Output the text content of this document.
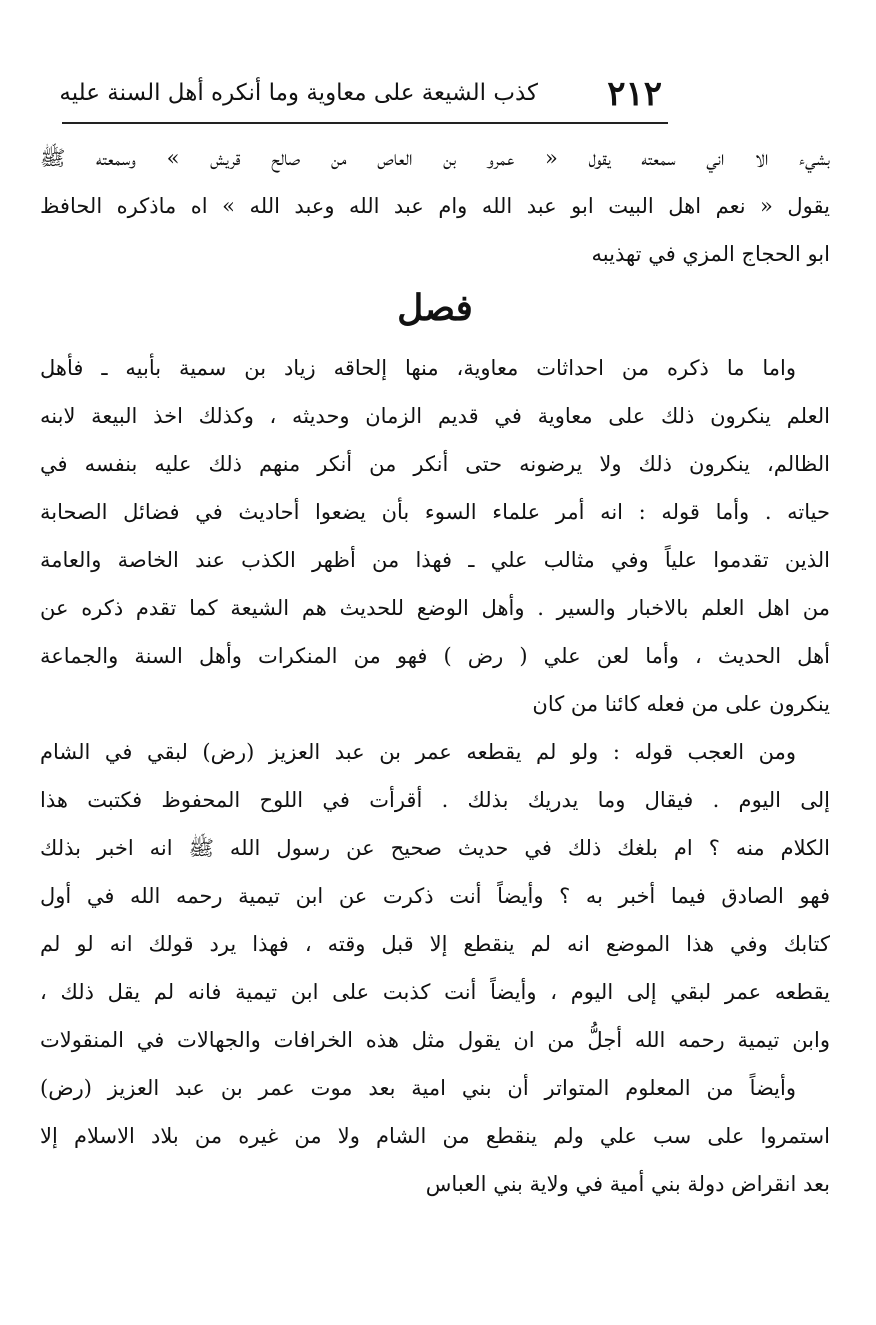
٢١٢
كذب الشيعة على معاوية وما أنكره أهل السنة عليه
بشيء الا اني سمعته يقول « عمرو بن العاص من صالح قريش » وسمعته ﷺ
يقول « نعم اهل البيت ابو عبد الله وام عبد الله وعبد الله » اه ماذكره الحافظ
ابو الحجاج المزي في تهذيبه
فصل
واما ما ذكره من احداثات معاوية، منها إلحاقه زياد بن سمية بأبيه ـ فأهل
العلم ينكرون ذلك على معاوية في قديم الزمان وحديثه ، وكذلك اخذ البيعة لابنه
الظالم، ينكرون ذلك ولا يرضونه حتى أنكر من أنكر منهم ذلك عليه بنفسه في
حياته . وأما قوله : انه أمر علماء السوء بأن يضعوا أحاديث في فضائل الصحابة
الذين تقدموا علياً وفي مثالب علي ـ فهذا من أظهر الكذب عند الخاصة والعامة
من اهل العلم بالاخبار والسير . وأهل الوضع للحديث هم الشيعة كما تقدم ذكره عن
أهل الحديث ، وأما لعن علي ( رض ) فهو من المنكرات وأهل السنة والجماعة
ينكرون على من فعله كائنا من كان
ومن العجب قوله : ولو لم يقطعه عمر بن عبد العزيز (رض) لبقي في الشام
إلى اليوم . فيقال وما يدريك بذلك . أقرأت في اللوح المحفوظ فكتبت هذا
الكلام منه ؟ ام بلغك ذلك في حديث صحيح عن رسول الله ﷺ انه اخبر بذلك
فهو الصادق فيما أخبر به ؟ وأيضاً أنت ذكرت عن ابن تيمية رحمه الله في أول
كتابك وفي هذا الموضع انه لم ينقطع إلا قبل وقته ، فهذا يرد قولك انه لو لم
يقطعه عمر لبقي إلى اليوم ، وأيضاً أنت كذبت على ابن تيمية فانه لم يقل ذلك ،
وابن تيمية رحمه الله أجلُّ من ان يقول مثل هذه الخرافات والجهالات في المنقولات
وأيضاً من المعلوم المتواتر أن بني امية بعد موت عمر بن عبد العزيز (رض)
استمروا على سب علي ولم ينقطع من الشام ولا من غيره من بلاد الاسلام إلا
بعد انقراض دولة بني أمية في ولاية بني العباس
